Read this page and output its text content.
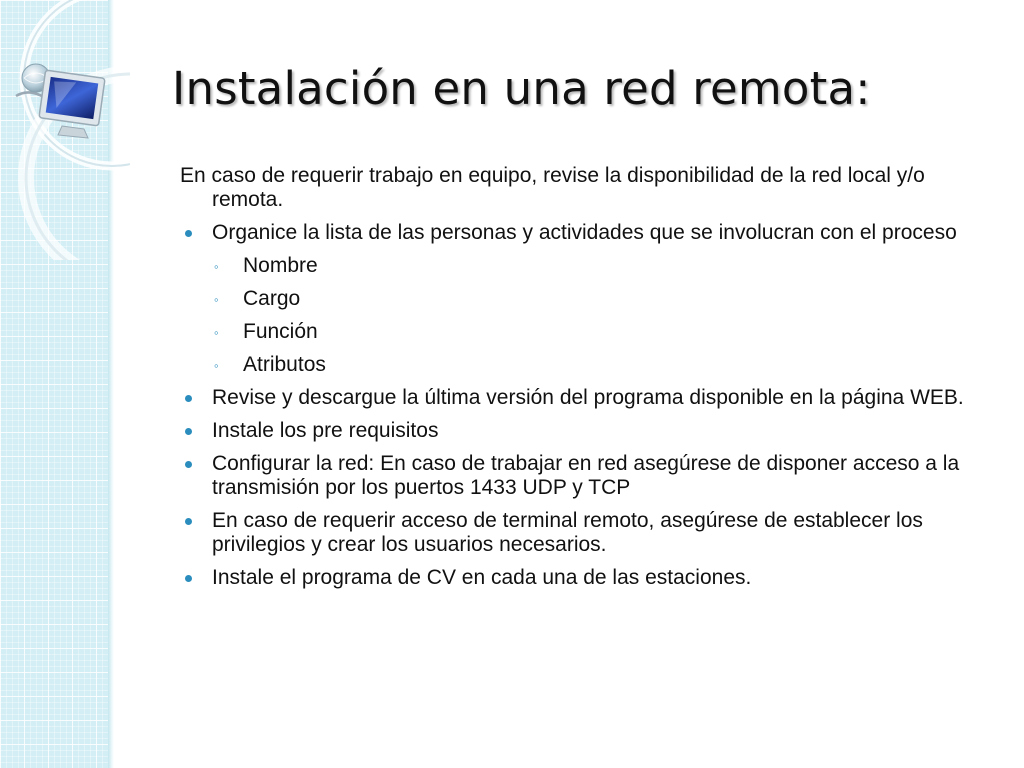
Instalación en una red remota:

En caso de requerir trabajo en equipo, revise la disponibilidad de la red local y/o remota.

Organice la lista de las personas y actividades que se involucran con el proceso
◦ Nombre
◦ Cargo
◦ Función
◦ Atributos
Revise y descargue la última versión del programa disponible en la página WEB.
Instale los pre requisitos
Configurar la red: En caso de trabajar en red asegúrese de disponer acceso a la transmisión por los puertos 1433 UDP y TCP
En caso de requerir acceso de terminal remoto, asegúrese de establecer los privilegios y crear los usuarios necesarios.
Instale el programa de CV en cada una de las estaciones.
